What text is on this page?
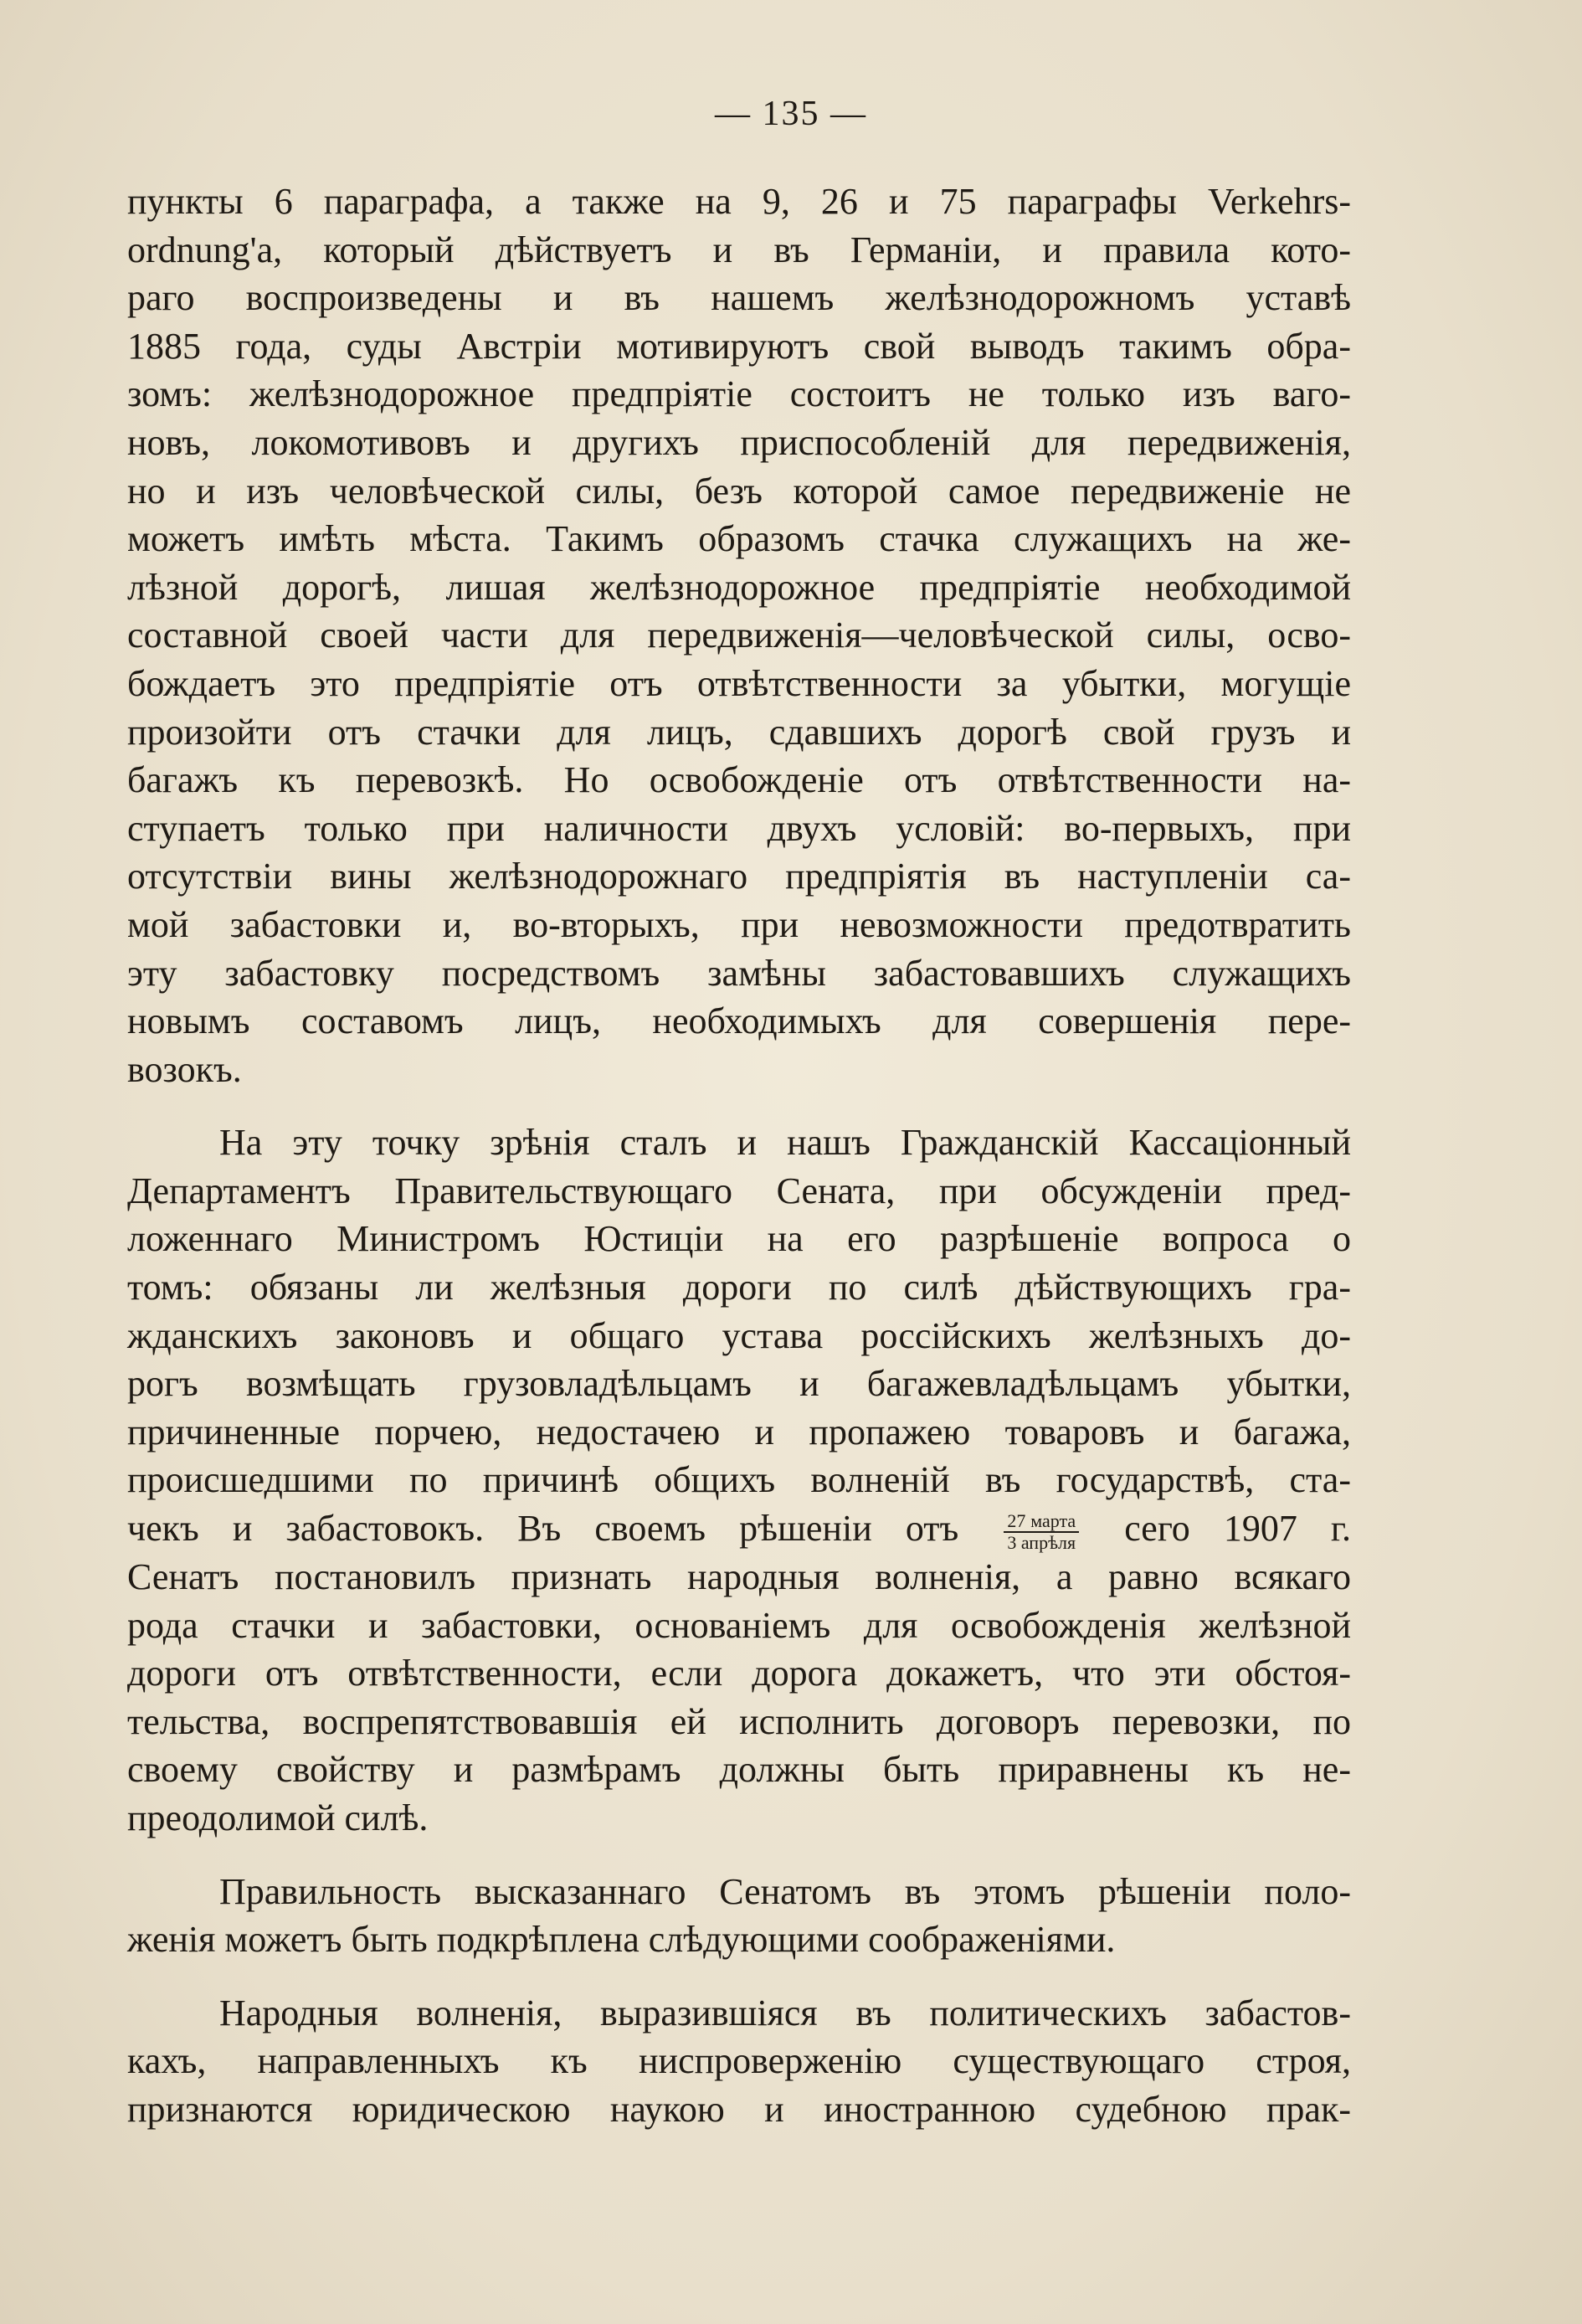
— 135 —
пункты 6 параграфа, а также на 9, 26 и 75 параграфы Verkehrs-
ordnung'а, который дѣйствуетъ и въ Германіи, и правила кото-
раго воспроизведены и въ нашемъ желѣзнодорожномъ уставѣ
1885 года, суды Австріи мотивируютъ свой выводъ такимъ обра-
зомъ: желѣзнодорожное предпріятіе состоитъ не только изъ ваго-
новъ, локомотивовъ и другихъ приспособленій для передвиженія,
но и изъ человѣческой силы, безъ которой самое передвиженіе не
можетъ имѣть мѣста. Такимъ образомъ стачка служащихъ на же-
лѣзной дорогѣ, лишая желѣзнодорожное предпріятіе необходимой
составной своей части для передвиженія—человѣческой силы, осво-
бождаетъ это предпріятіе отъ отвѣтственности за убытки, могущіе
произойти отъ стачки для лицъ, сдавшихъ дорогѣ свой грузъ и
багажъ къ перевозкѣ. Но освобожденіе отъ отвѣтственности на-
ступаетъ только при наличности двухъ условій: во-первыхъ, при
отсутствіи вины желѣзнодорожнаго предпріятія въ наступленіи са-
мой забастовки и, во-вторыхъ, при невозможности предотвратить
эту забастовку посредствомъ замѣны забастовавшихъ служащихъ
новымъ составомъ лицъ, необходимыхъ для совершенія пере-
возокъ.
На эту точку зрѣнія сталъ и нашъ Гражданскій Кассаціонный
Департаментъ Правительствующаго Сената, при обсужденіи пред-
ложеннаго Министромъ Юстиціи на его разрѣшеніе вопроса о
томъ: обязаны ли желѣзныя дороги по силѣ дѣйствующихъ гра-
жданскихъ законовъ и общаго устава россійскихъ желѣзныхъ до-
рогъ возмѣщать грузовладѣльцамъ и багажевладѣльцамъ убытки,
причиненные порчею, недостачею и пропажею товаровъ и багажа,
происшедшими по причинѣ общихъ волненій въ государствѣ, ста-
чекъ и забастовокъ. Въ своемъ рѣшеніи отъ $\frac{\text{27 марта}}{\text{3 апрѣля}}$ сего 1907 г.
Сенатъ постановилъ признать народныя волненія, а равно всякаго
рода стачки и забастовки, основаніемъ для освобожденія желѣзной
дороги отъ отвѣтственности, если дорога докажетъ, что эти обстоя-
тельства, воспрепятствовавшія ей исполнить договоръ перевозки, по
своему свойству и размѣрамъ должны быть приравнены къ не-
преодолимой силѣ.
Правильность высказаннаго Сенатомъ въ этомъ рѣшеніи поло-
женія можетъ быть подкрѣплена слѣдующими соображеніями.
Народныя волненія, выразившіяся въ политическихъ забастов-
кахъ, направленныхъ къ ниспроверженію существующаго строя,
признаются юридическою наукою и иностранною судебною прак-
